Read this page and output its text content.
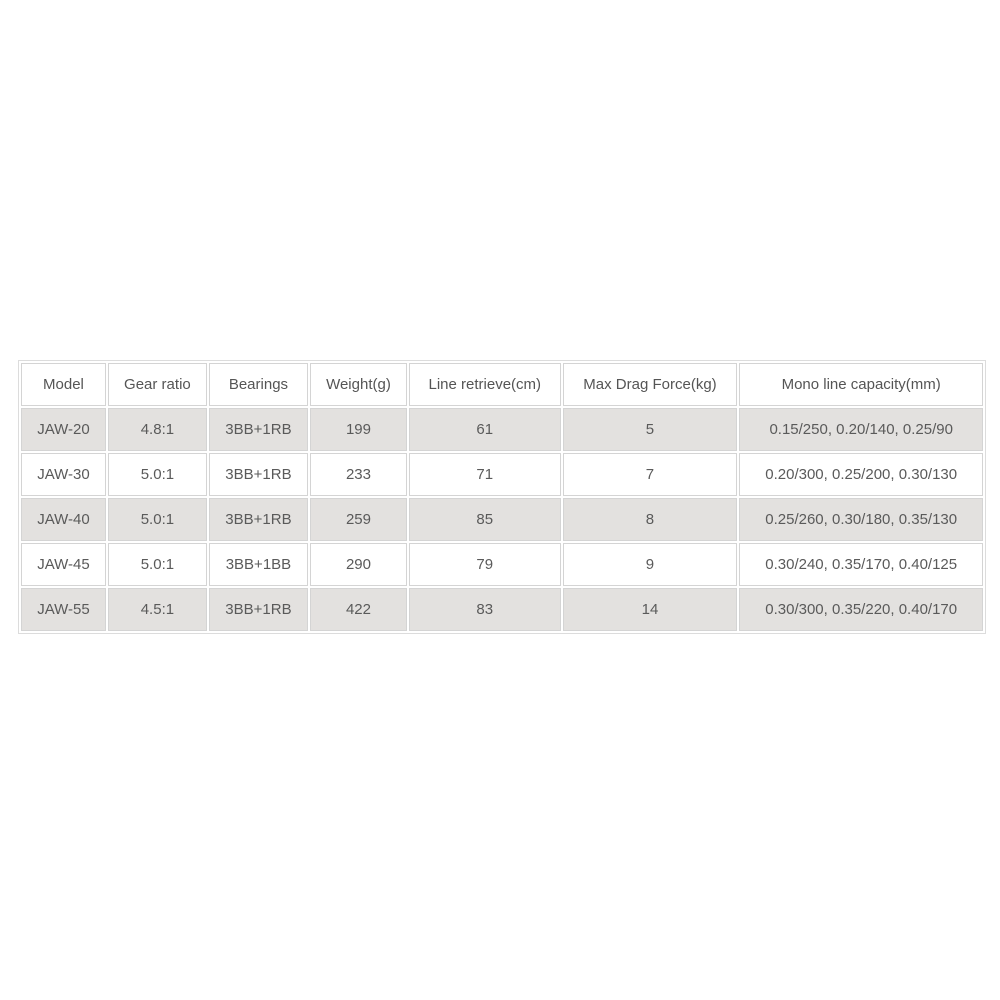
Model	Gear ratio	Bearings	Weight(g)	Line retrieve(cm)	Max Drag Force(kg)	Mono line capacity(mm)
JAW-20	4.8:1	3BB+1RB	199	61	5	0.15/250, 0.20/140, 0.25/90
JAW-30	5.0:1	3BB+1RB	233	71	7	0.20/300, 0.25/200, 0.30/130
JAW-40	5.0:1	3BB+1RB	259	85	8	0.25/260, 0.30/180, 0.35/130
JAW-45	5.0:1	3BB+1BB	290	79	9	0.30/240, 0.35/170, 0.40/125
JAW-55	4.5:1	3BB+1RB	422	83	14	0.30/300, 0.35/220, 0.40/170
